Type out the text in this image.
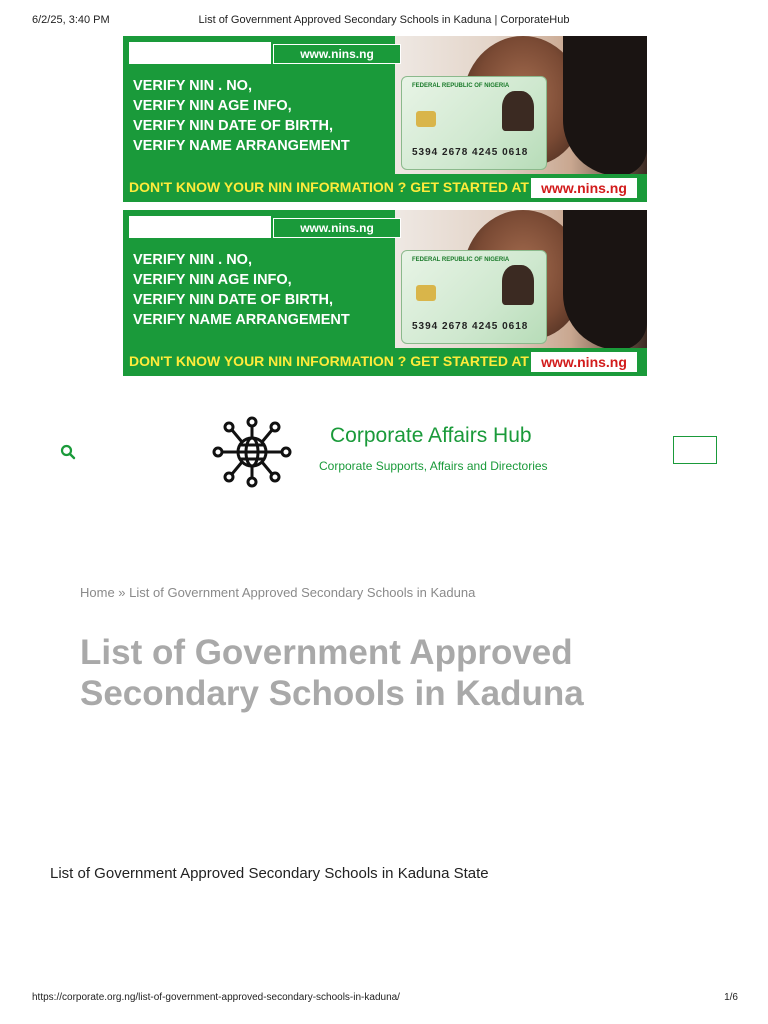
6/2/25, 3:40 PM	List of Government Approved Secondary Schools in Kaduna | CorporateHub
www.nins.ng
VERIFY NIN . NO,
VERIFY NIN AGE INFO,
VERIFY NIN DATE OF BIRTH,
VERIFY NAME ARRANGEMENT
FEDERAL REPUBLIC OF NIGERIA
5394 2678 4245 0618
DON'T KNOW YOUR NIN INFORMATION ? GET STARTED AT www.nins.ng
www.nins.ng
VERIFY NIN . NO,
VERIFY NIN AGE INFO,
VERIFY NIN DATE OF BIRTH,
VERIFY NAME ARRANGEMENT
FEDERAL REPUBLIC OF NIGERIA
5394 2678 4245 0618
DON'T KNOW YOUR NIN INFORMATION ? GET STARTED AT www.nins.ng
Corporate Affairs Hub
Corporate Supports, Affairs and Directories
Home » List of Government Approved Secondary Schools in Kaduna
List of Government Approved Secondary Schools in Kaduna
List of Government Approved Secondary Schools in Kaduna State
https://corporate.org.ng/list-of-government-approved-secondary-schools-in-kaduna/	1/6
